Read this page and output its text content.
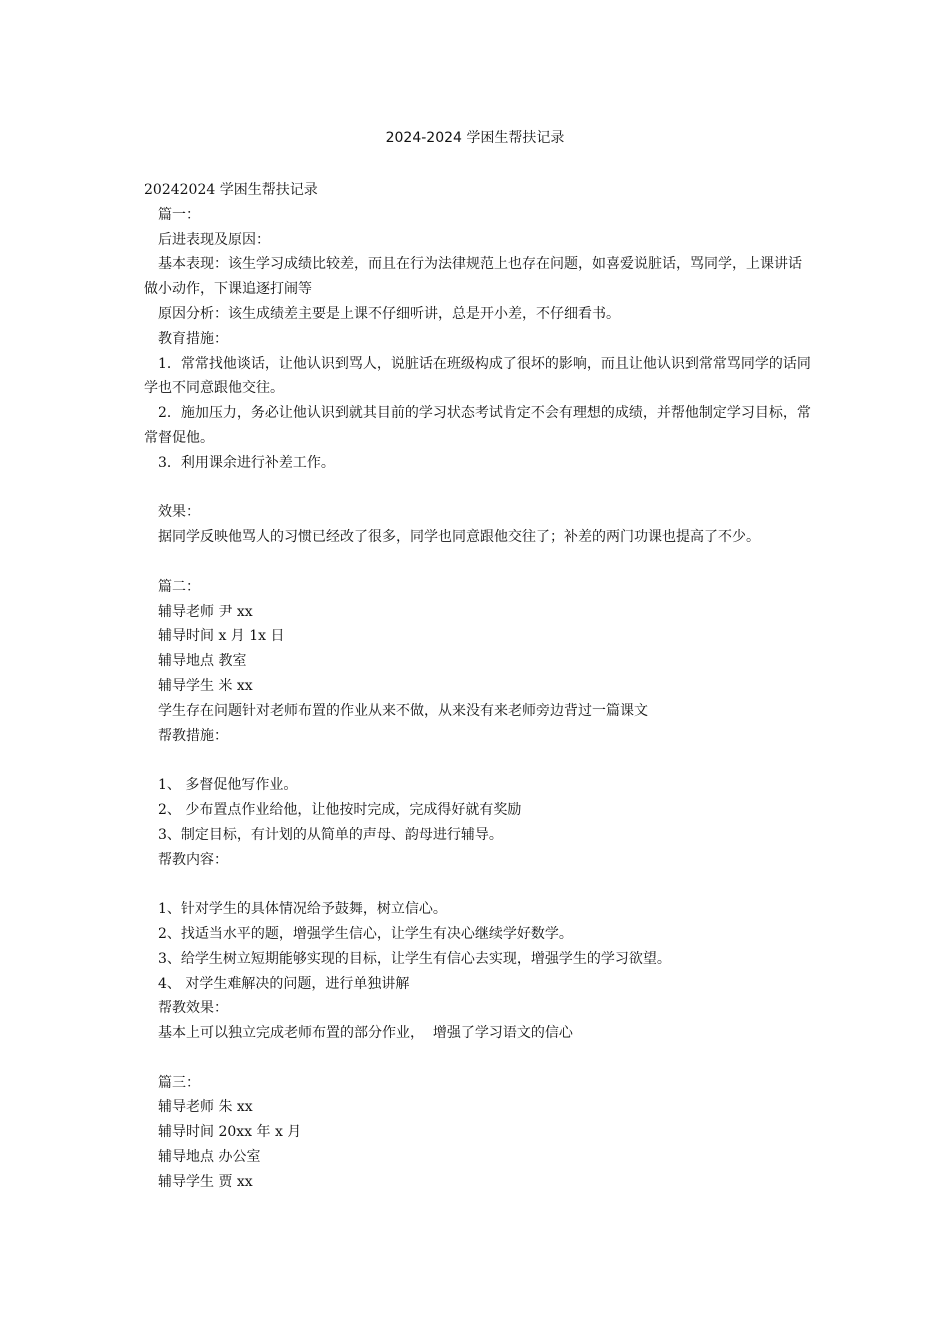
2024-2024 学困生帮扶记录

20242024 学困生帮扶记录

篇一：

后进表现及原因：

基本表现：该生学习成绩比较差，而且在行为法律规范上也存在问题，如喜爱说脏话，骂同学，上课讲话做小动作，下课追逐打闹等

原因分析：该生成绩差主要是上课不仔细听讲，总是开小差，不仔细看书。

教育措施：

1．常常找他谈话，让他认识到骂人，说脏话在班级构成了很坏的影响，而且让他认识到常常骂同学的话同学也不同意跟他交往。

2．施加压力，务必让他认识到就其目前的学习状态考试肯定不会有理想的成绩，并帮他制定学习目标，常常督促他。

3．利用课余进行补差工作。

效果：

据同学反映他骂人的习惯已经改了很多，同学也同意跟他交往了；补差的两门功课也提高了不少。

篇二：

辅导老师 尹 xx

辅导时间 x 月 1x 日

辅导地点 教室

辅导学生 米 xx

学生存在问题针对老师布置的作业从来不做，从来没有来老师旁边背过一篇课文

帮教措施：

1、 多督促他写作业。

2、 少布置点作业给他，让他按时完成，完成得好就有奖励

3、制定目标，有计划的从简单的声母、韵母进行辅导。

帮教内容：

1、针对学生的具体情况给予鼓舞，树立信心。

2、找适当水平的题，增强学生信心，让学生有决心继续学好数学。

3、给学生树立短期能够实现的目标，让学生有信心去实现，增强学生的学习欲望。

4、 对学生难解决的问题，进行单独讲解

帮教效果：

基本上可以独立完成老师布置的部分作业，  增强了学习语文的信心

篇三：

辅导老师 朱 xx

辅导时间 20xx 年 x 月

辅导地点 办公室

辅导学生 贾 xx
